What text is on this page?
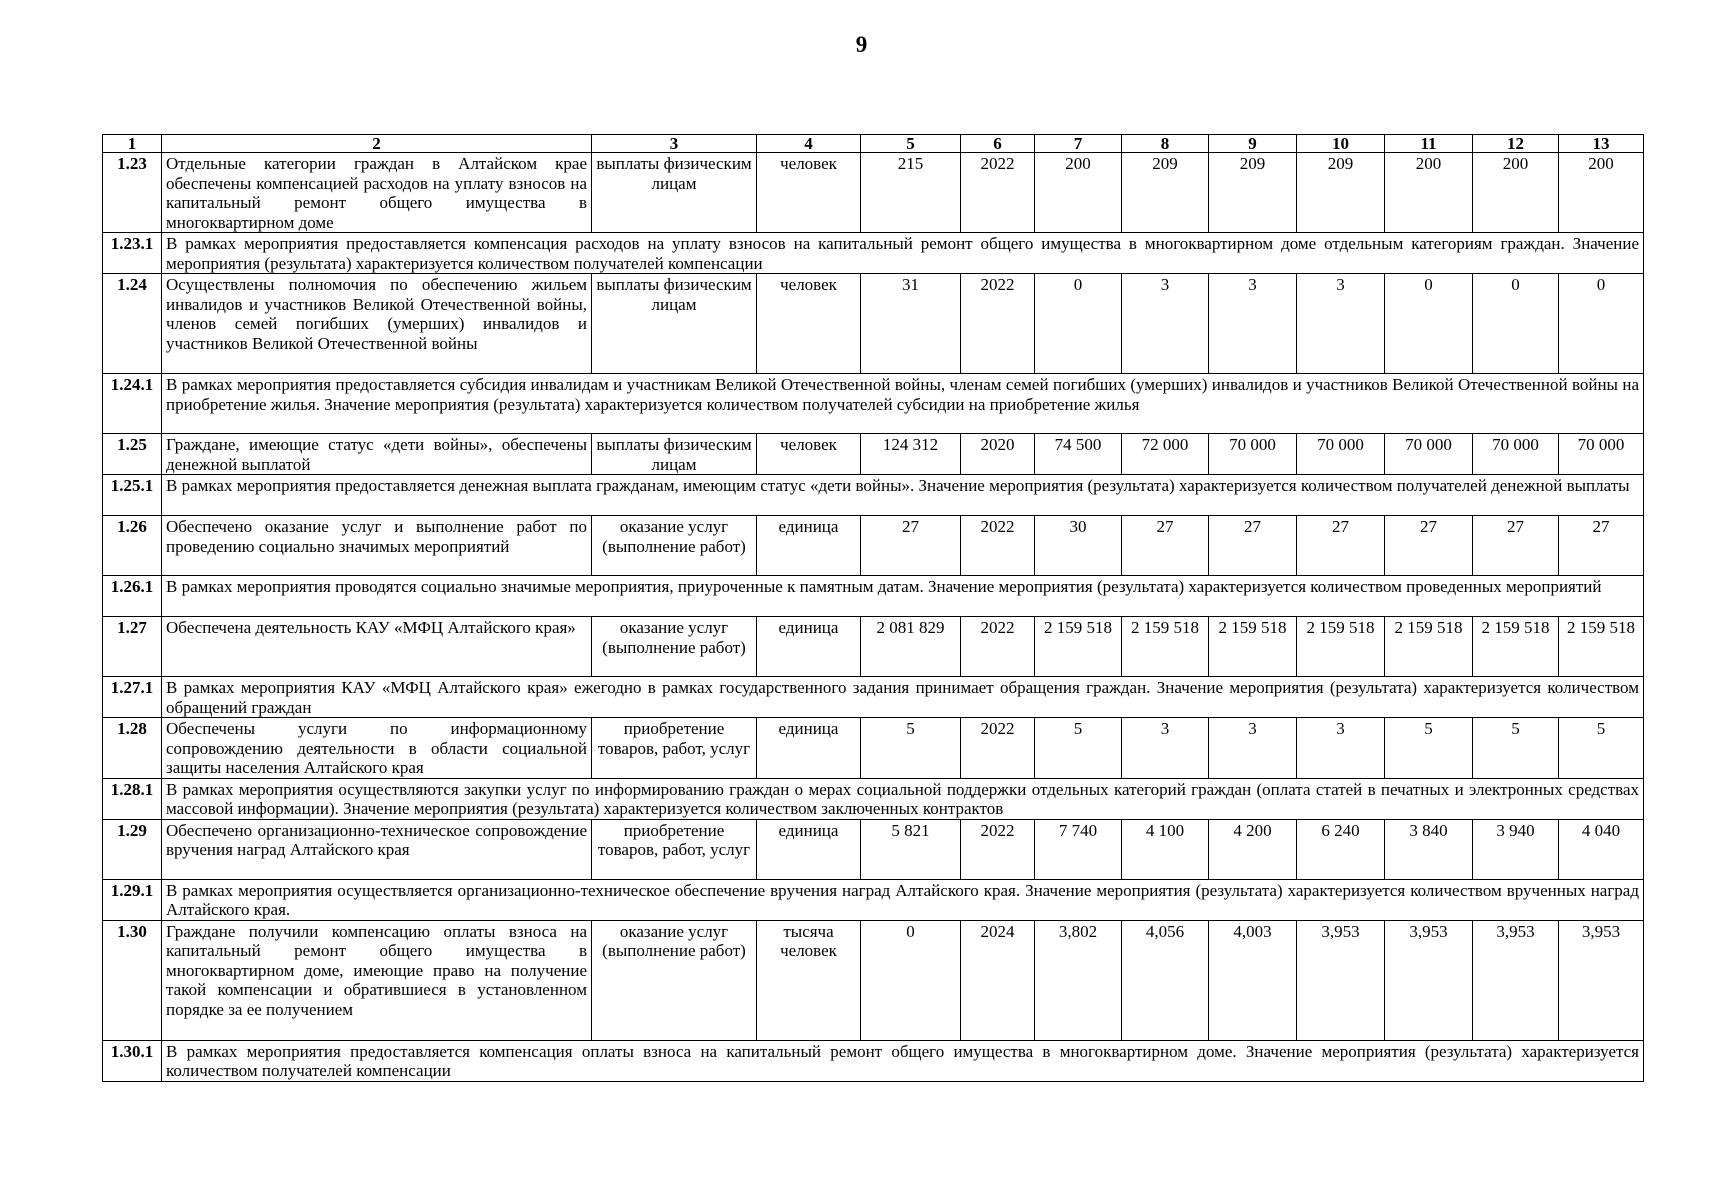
9
1	2	3	4	5	6	7	8	9	10	11	12	13
1.23	Отдельные категории граждан в Алтайском крае обеспечены компенсацией расходов на уплату взносов на капитальный ремонт общего имущества в многоквартирном доме	выплаты физическим лицам	человек	215	2022	200	209	209	209	200	200	200
1.23.1	В рамках мероприятия предоставляется компенсация расходов на уплату взносов на капитальный ремонт общего имущества в многоквартирном доме отдельным категориям граждан. Значение мероприятия (результата) характеризуется количеством получателей компенсации											
1.24	Осуществлены полномочия по обеспечению жильем инвалидов и участников Великой Отечественной войны, членов семей погибших (умерших) инвалидов и участников Великой Отечественной войны	выплаты физическим лицам	человек	31	2022	0	3	3	3	0	0	0
1.24.1	В рамках мероприятия предоставляется субсидия инвалидам и участникам Великой Отечественной войны, членам семей погибших (умерших) инвалидов и участников Великой Отечественной войны на приобретение жилья. Значение мероприятия (результата) характеризуется количеством получателей субсидии на приобретение жилья											
1.25	Граждане, имеющие статус «дети войны», обеспечены денежной выплатой	выплаты физическим лицам	человек	124 312	2020	74 500	72 000	70 000	70 000	70 000	70 000	70 000
1.25.1	В рамках мероприятия предоставляется денежная выплата гражданам, имеющим статус «дети войны». Значение мероприятия (результата) характеризуется количеством получателей денежной выплаты											
1.26	Обеспечено оказание услуг и выполнение работ по проведению социально значимых мероприятий	оказание услуг (выполнение работ)	единица	27	2022	30	27	27	27	27	27	27
1.26.1	В рамках мероприятия проводятся социально значимые мероприятия, приуроченные к памятным датам. Значение мероприятия (результата) характеризуется количеством проведенных мероприятий											
1.27	Обеспечена деятельность КАУ «МФЦ Алтайского края»	оказание услуг (выполнение работ)	единица	2 081 829	2022	2 159 518	2 159 518	2 159 518	2 159 518	2 159 518	2 159 518	2 159 518
1.27.1	В рамках мероприятия КАУ «МФЦ Алтайского края» ежегодно в рамках государственного задания принимает обращения граждан. Значение мероприятия (результата) характеризуется количеством обращений граждан											
1.28	Обеспечены услуги по информационному сопровождению деятельности в области социальной защиты населения Алтайского края	приобретение товаров, работ, услуг	единица	5	2022	5	3	3	3	5	5	5
1.28.1	В рамках мероприятия осуществляются закупки услуг по информированию граждан о мерах социальной поддержки отдельных категорий граждан (оплата статей в печатных и электронных средствах массовой информации). Значение мероприятия (результата) характеризуется количеством заключенных контрактов											
1.29	Обеспечено организационно-техническое сопровождение вручения наград Алтайского края	приобретение товаров, работ, услуг	единица	5 821	2022	7 740	4 100	4 200	6 240	3 840	3 940	4 040
1.29.1	В рамках мероприятия осуществляется организационно-техническое обеспечение вручения наград Алтайского края. Значение мероприятия (результата) характеризуется количеством врученных наград Алтайского края.											
1.30	Граждане получили компенсацию оплаты взноса на капитальный ремонт общего имущества в многоквартирном доме, имеющие право на получение такой компенсации и обратившиеся в установленном порядке за ее получением	оказание услуг (выполнение работ)	тысяча человек	0	2024	3,802	4,056	4,003	3,953	3,953	3,953	3,953
1.30.1	В рамках мероприятия предоставляется компенсация оплаты взноса на капитальный ремонт общего имущества в многоквартирном доме. Значение мероприятия (результата) характеризуется количеством получателей компенсации											
